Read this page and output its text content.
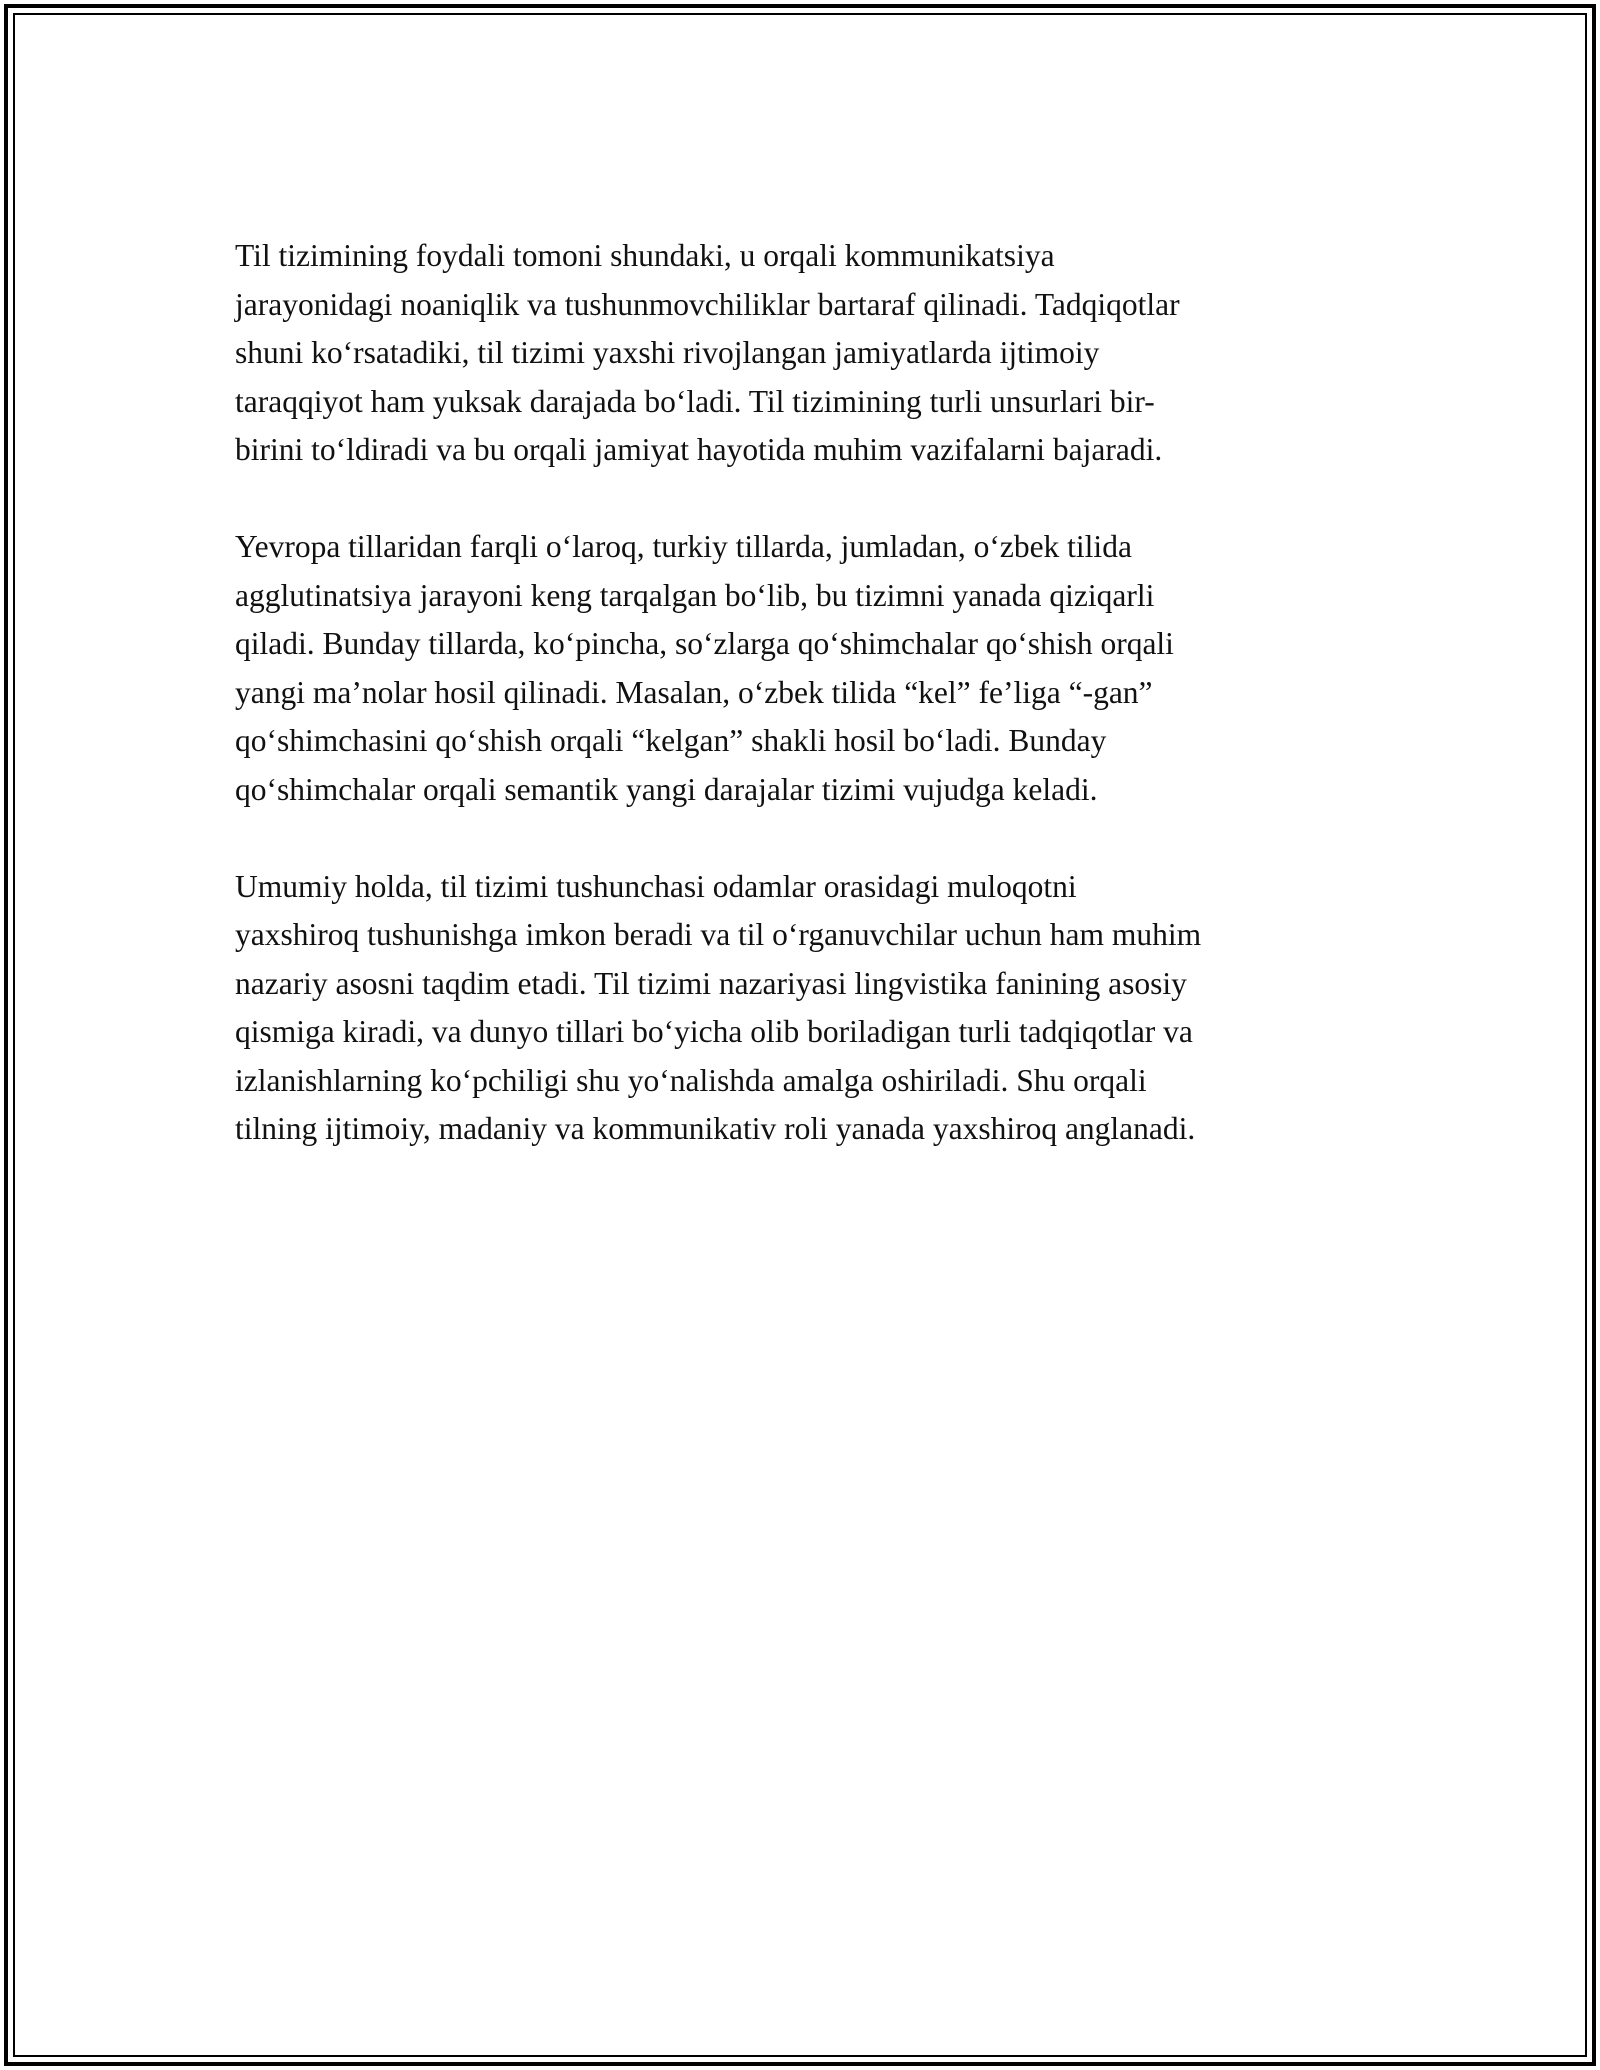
Til tizimining foydali tomoni shundaki, u orqali kommunikatsiya
jarayonidagi noaniqlik va tushunmovchiliklar bartaraf qilinadi. Tadqiqotlar
shuni koʻrsatadiki, til tizimi yaxshi rivojlangan jamiyatlarda ijtimoiy
taraqqiyot ham yuksak darajada boʻladi. Til tizimining turli unsurlari bir-
birini toʻldiradi va bu orqali jamiyat hayotida muhim vazifalarni bajaradi.

Yevropa tillaridan farqli oʻlaroq, turkiy tillarda, jumladan, oʻzbek tilida
agglutinatsiya jarayoni keng tarqalgan boʻlib, bu tizimni yanada qiziqarli
qiladi. Bunday tillarda, koʻpincha, soʻzlarga qoʻshimchalar qoʻshish orqali
yangi maʼnolar hosil qilinadi. Masalan, oʻzbek tilida “kel” feʼliga “-gan”
qoʻshimchasini qoʻshish orqali “kelgan” shakli hosil boʻladi. Bunday
qoʻshimchalar orqali semantik yangi darajalar tizimi vujudga keladi.

Umumiy holda, til tizimi tushunchasi odamlar orasidagi muloqotni
yaxshiroq tushunishga imkon beradi va til oʻrganuvchilar uchun ham muhim
nazariy asosni taqdim etadi. Til tizimi nazariyasi lingvistika fanining asosiy
qismiga kiradi, va dunyo tillari boʻyicha olib boriladigan turli tadqiqotlar va
izlanishlarning koʻpchiligi shu yoʻnalishda amalga oshiriladi. Shu orqali
tilning ijtimoiy, madaniy va kommunikativ roli yanada yaxshiroq anglanadi.
